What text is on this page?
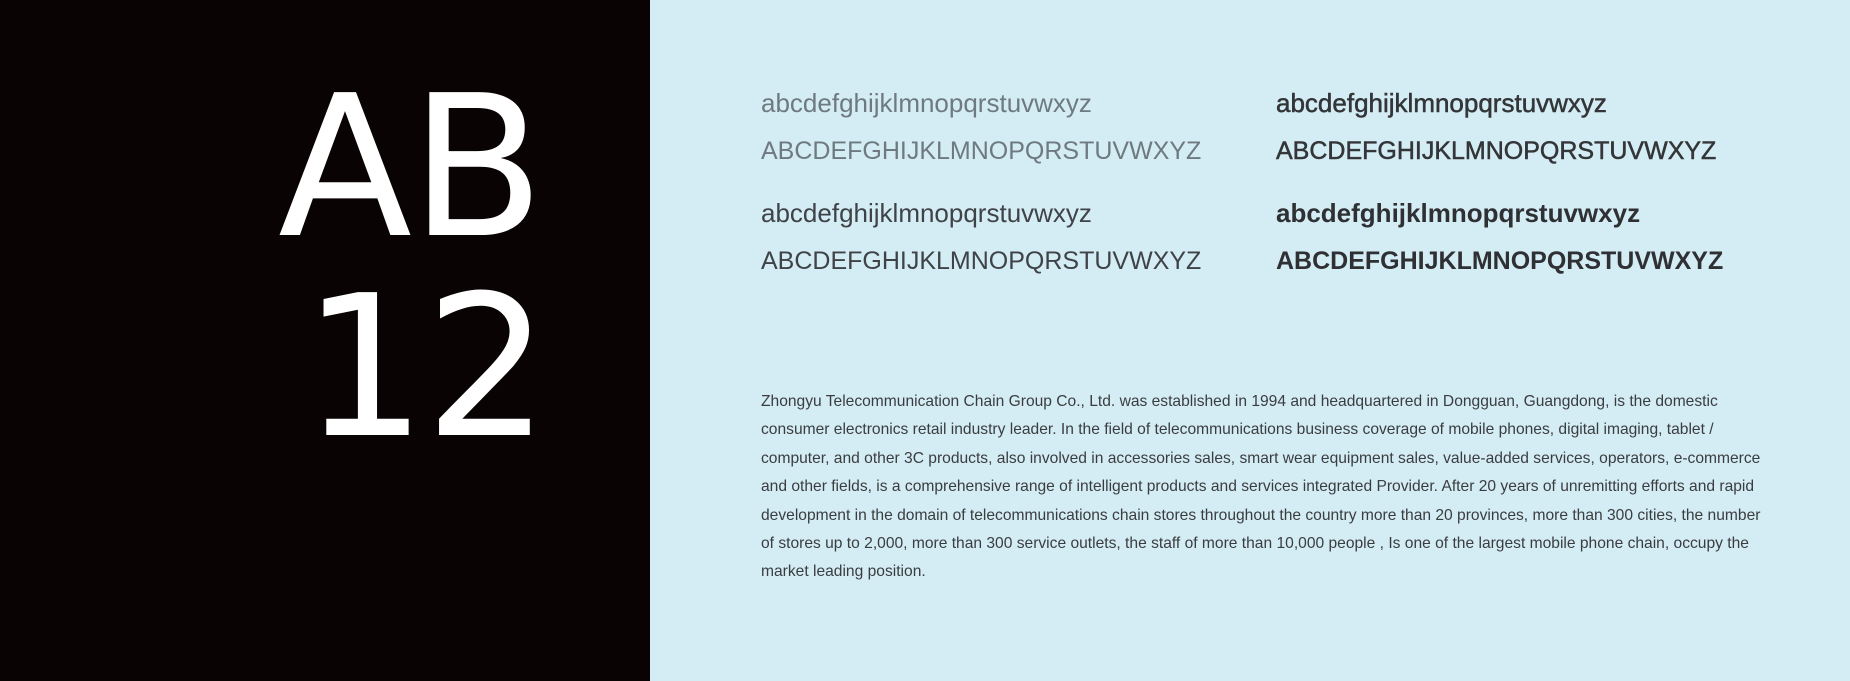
AB
12
abcdefghijklmnopqrstuvwxyz
ABCDEFGHIJKLMNOPQRSTUVWXYZ
abcdefghijklmnopqrstuvwxyz
ABCDEFGHIJKLMNOPQRSTUVWXYZ
abcdefghijklmnopqrstuvwxyz
ABCDEFGHIJKLMNOPQRSTUVWXYZ
abcdefghijklmnopqrstuvwxyz
ABCDEFGHIJKLMNOPQRSTUVWXYZ

Zhongyu Telecommunication Chain Group Co., Ltd. was established in 1994 and headquartered in Dongguan, Guangdong, is the domestic consumer electronics retail industry leader. In the field of telecommunications business coverage of mobile phones, digital imaging, tablet / computer, and other 3C products, also involved in accessories sales, smart wear equipment sales, value-added services, operators, e-commerce and other fields, is a comprehensive range of intelligent products and services integrated Provider. After 20 years of unremitting efforts and rapid development in the domain of telecommunications chain stores throughout the country more than 20 provinces, more than 300 cities, the number of stores up to 2,000, more than 300 service outlets, the staff of more than 10,000 people , Is one of the largest mobile phone chain, occupy the market leading position.
